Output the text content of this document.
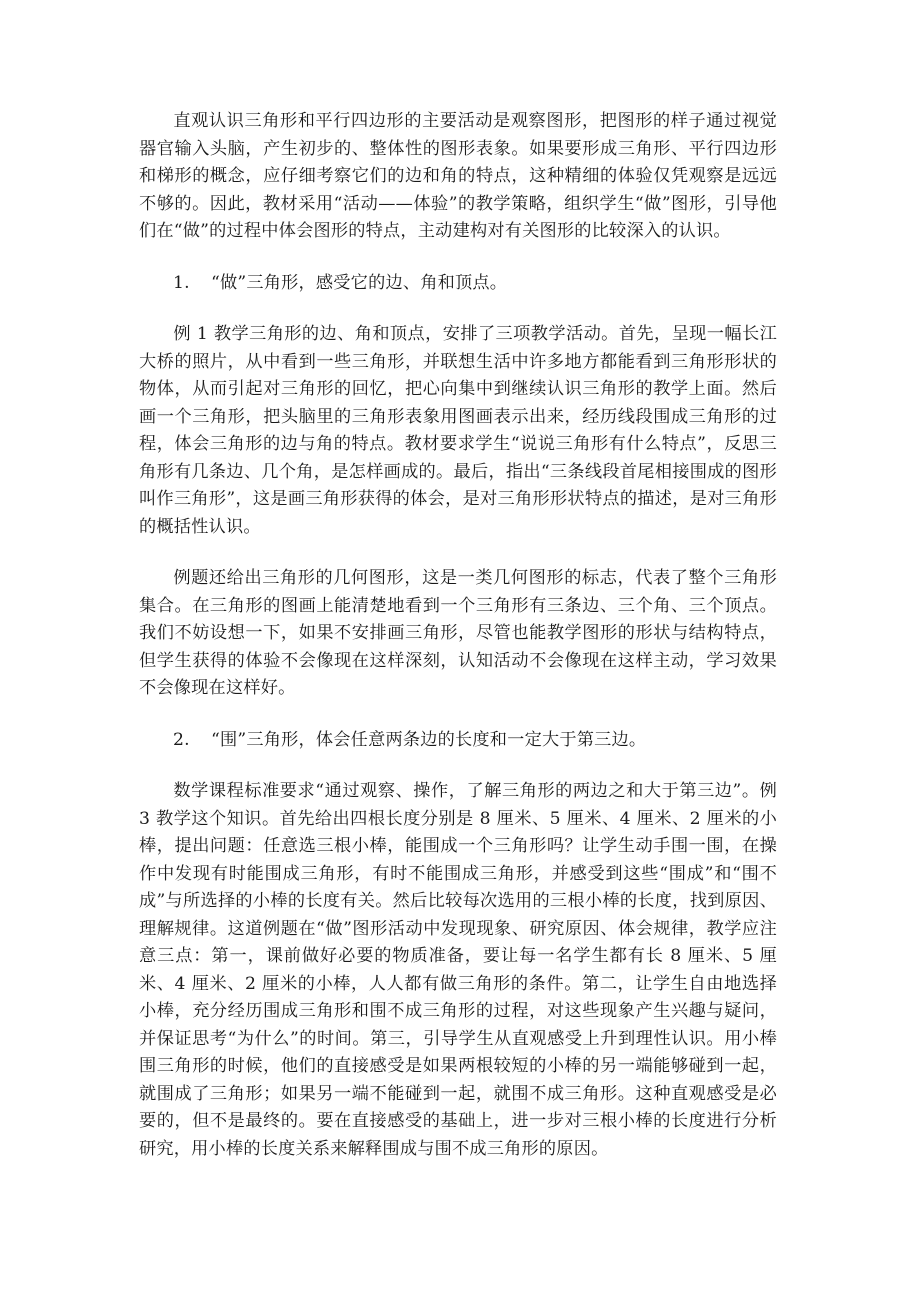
直观认识三角形和平行四边形的主要活动是观察图形，把图形的样子通过视觉器官输入头脑，产生初步的、整体性的图形表象。如果要形成三角形、平行四边形和梯形的概念，应仔细考察它们的边和角的特点，这种精细的体验仅凭观察是远远不够的。因此，教材采用“活动——体验”的教学策略，组织学生“做”图形，引导他们在“做”的过程中体会图形的特点，主动建构对有关图形的比较深入的认识。

1. “做”三角形，感受它的边、角和顶点。

例 1 教学三角形的边、角和顶点，安排了三项教学活动。首先，呈现一幅长江大桥的照片，从中看到一些三角形，并联想生活中许多地方都能看到三角形形状的物体，从而引起对三角形的回忆，把心向集中到继续认识三角形的教学上面。然后画一个三角形，把头脑里的三角形表象用图画表示出来，经历线段围成三角形的过程，体会三角形的边与角的特点。教材要求学生“说说三角形有什么特点”，反思三角形有几条边、几个角，是怎样画成的。最后，指出“三条线段首尾相接围成的图形叫作三角形”，这是画三角形获得的体会，是对三角形形状特点的描述，是对三角形的概括性认识。

例题还给出三角形的几何图形，这是一类几何图形的标志，代表了整个三角形集合。在三角形的图画上能清楚地看到一个三角形有三条边、三个角、三个顶点。我们不妨设想一下，如果不安排画三角形，尽管也能教学图形的形状与结构特点，但学生获得的体验不会像现在这样深刻，认知活动不会像现在这样主动，学习效果不会像现在这样好。

2. “围”三角形，体会任意两条边的长度和一定大于第三边。

数学课程标准要求“通过观察、操作，了解三角形的两边之和大于第三边”。例 3 教学这个知识。首先给出四根长度分别是 8 厘米、5 厘米、4 厘米、2 厘米的小棒，提出问题：任意选三根小棒，能围成一个三角形吗？让学生动手围一围，在操作中发现有时能围成三角形，有时不能围成三角形，并感受到这些“围成”和“围不成”与所选择的小棒的长度有关。然后比较每次选用的三根小棒的长度，找到原因、理解规律。这道例题在“做”图形活动中发现现象、研究原因、体会规律，教学应注意三点：第一，课前做好必要的物质准备，要让每一名学生都有长 8 厘米、5 厘米、4 厘米、2 厘米的小棒，人人都有做三角形的条件。第二，让学生自由地选择小棒，充分经历围成三角形和围不成三角形的过程，对这些现象产生兴趣与疑问，并保证思考“为什么”的时间。第三，引导学生从直观感受上升到理性认识。用小棒围三角形的时候，他们的直接感受是如果两根较短的小棒的另一端能够碰到一起，就围成了三角形；如果另一端不能碰到一起，就围不成三角形。这种直观感受是必要的，但不是最终的。要在直接感受的基础上，进一步对三根小棒的长度进行分析研究，用小棒的长度关系来解释围成与围不成三角形的原因。
